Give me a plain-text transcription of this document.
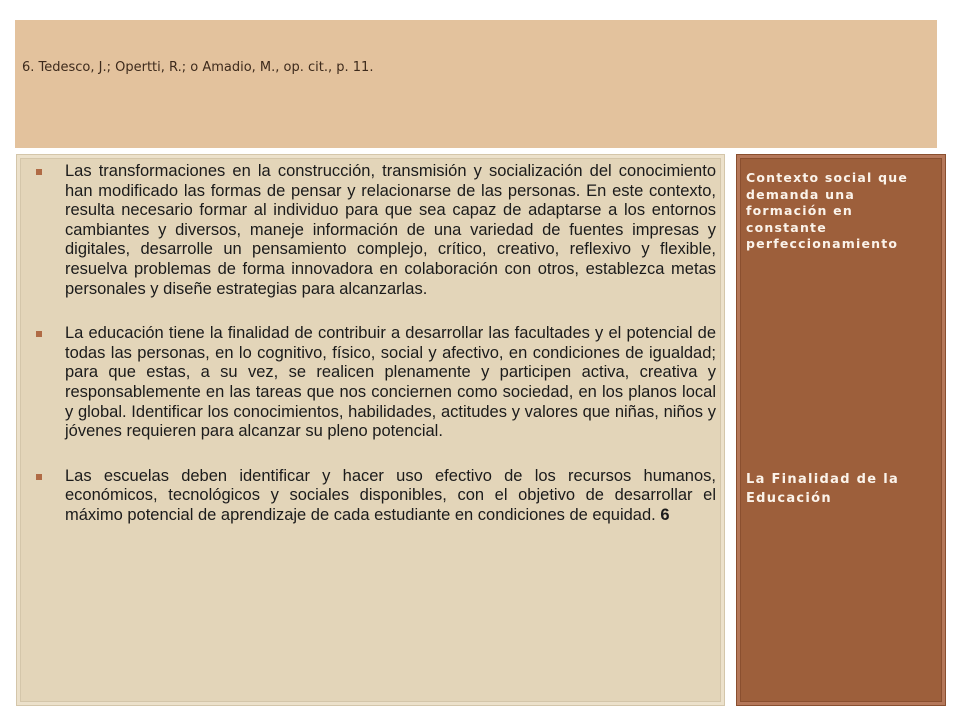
6. Tedesco, J.; Opertti, R.; o Amadio, M., op. cit., p. 11.
Las transformaciones en la construcción, transmisión y socialización del conocimiento han modificado las formas de pensar y relacionarse de las personas. En este contexto, resulta necesario formar al individuo para que sea capaz de adaptarse a los entornos cambiantes y diversos, maneje información de una variedad de fuentes impresas y digitales, desarrolle un pensamiento complejo, crítico, creativo, reflexivo y flexible, resuelva problemas de forma innovadora en colaboración con otros, establezca metas personales y diseñe estrategias para alcanzarlas.
La educación tiene la finalidad de contribuir a desarrollar las facultades y el potencial de todas las personas, en lo cognitivo, físico, social y afectivo, en condiciones de igualdad; para que estas, a su vez, se realicen plenamente y participen activa, creativa y responsablemente en las tareas que nos conciernen como sociedad, en los planos local y global. Identificar los conocimientos, habilidades, actitudes y valores que niñas, niños y jóvenes requieren para alcanzar su pleno potencial.
Las escuelas deben identificar y hacer uso efectivo de los recursos humanos, económicos, tecnológicos y sociales disponibles, con el objetivo de desarrollar el máximo potencial de aprendizaje de cada estudiante en condiciones de equidad. 6
Contexto social que demanda una formación en constante perfeccionamiento
La Finalidad de la Educación
